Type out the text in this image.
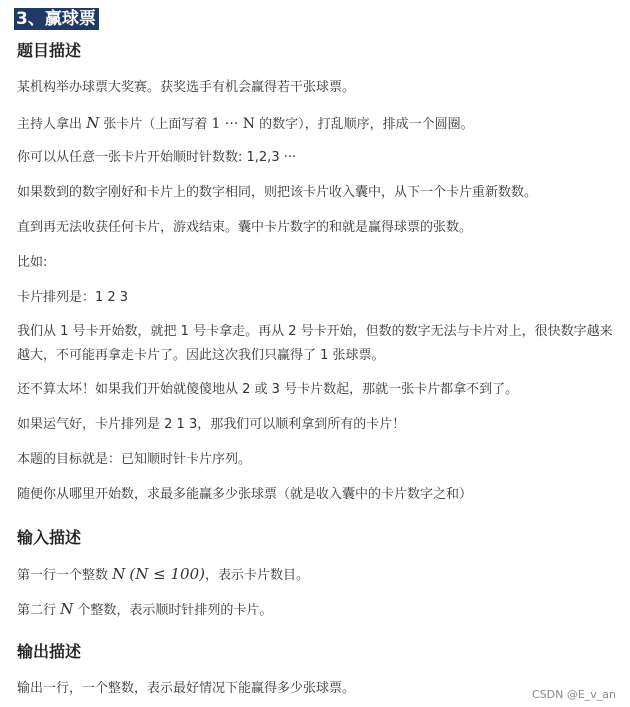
3、赢球票
题目描述
某机构举办球票大奖赛。获奖选手有机会赢得若干张球票。
主持人拿出 N 张卡片（上面写着 1 ··· N 的数字），打乱顺序，排成一个圆圈。
你可以从任意一张卡片开始顺时针数数: 1,2,3 ···
如果数到的数字刚好和卡片上的数字相同，则把该卡片收入囊中，从下一个卡片重新数数。
直到再无法收获任何卡片，游戏结束。囊中卡片数字的和就是赢得球票的张数。
比如:
卡片排列是：1 2 3
我们从 1 号卡开始数，就把 1 号卡拿走。再从 2 号卡开始，但数的数字无法与卡片对上，很快数字越来越大，不可能再拿走卡片了。因此这次我们只赢得了 1 张球票。
还不算太坏！如果我们开始就傻傻地从 2 或 3 号卡片数起，那就一张卡片都拿不到了。
如果运气好，卡片排列是 2 1 3，那我们可以顺利拿到所有的卡片！
本题的目标就是：已知顺时针卡片序列。
随便你从哪里开始数，求最多能赢多少张球票（就是收入囊中的卡片数字之和）
输入描述
第一行一个整数 N (N ≤ 100)，表示卡片数目。
第二行 N 个整数，表示顺时针排列的卡片。
输出描述
输出一行，一个整数，表示最好情况下能赢得多少张球票。	CSDN @E_v_an
